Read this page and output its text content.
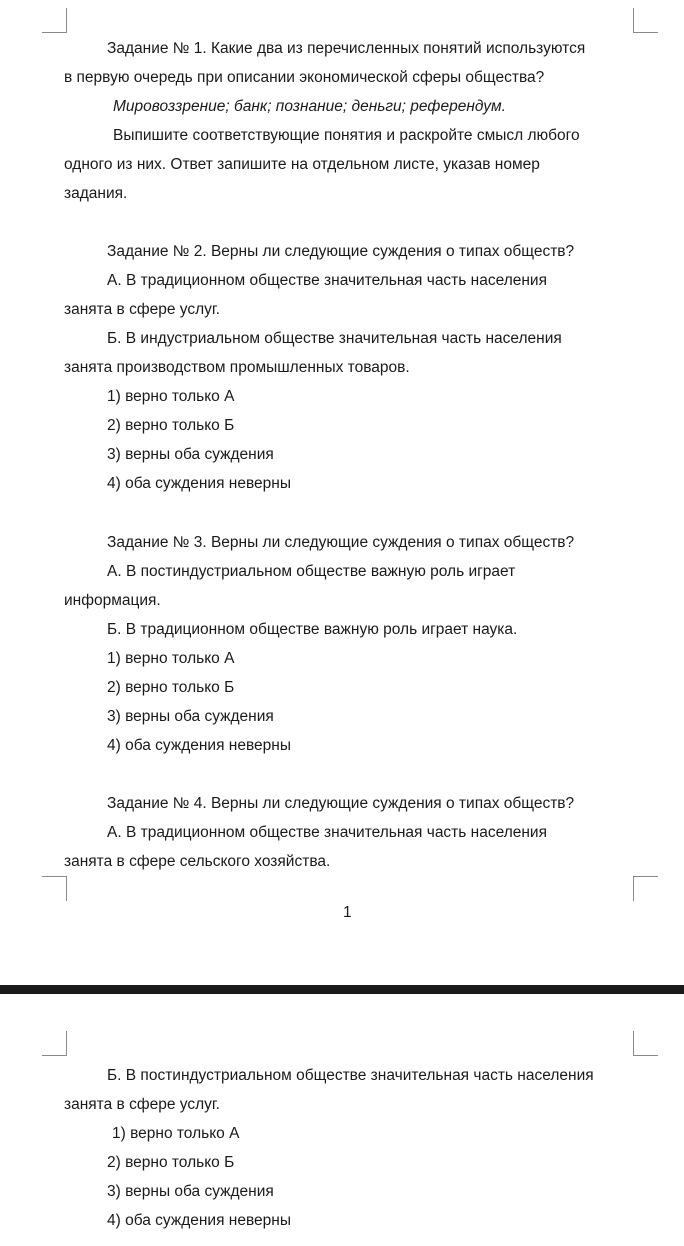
Задание № 1. Какие два из перечисленных понятий используются
в первую очередь при описании экономической сферы общества?
Мировоззрение; банк; познание; деньги; референдум.
Выпишите соответствующие понятия и раскройте смысл любого
одного из них. Ответ запишите на отдельном листе, указав номер
задания.
Задание № 2. Верны ли следующие суждения о типах обществ?
А. В традиционном обществе значительная часть населения
занята в сфере услуг.
Б. В индустриальном обществе значительная часть населения
занята производством промышленных товаров.
1) верно только А
2) верно только Б
3) верны оба суждения
4) оба суждения неверны
Задание № 3. Верны ли следующие суждения о типах обществ?
А. В постиндустриальном обществе важную роль играет
информация.
Б. В традиционном обществе важную роль играет наука.
1) верно только А
2) верно только Б
3) верны оба суждения
4) оба суждения неверны
Задание № 4. Верны ли следующие суждения о типах обществ?
А. В традиционном обществе значительная часть населения
занята в сфере сельского хозяйства.
1
Б. В постиндустриальном обществе значительная часть населения
занята в сфере услуг.
1) верно только А
2) верно только Б
3) верны оба суждения
4) оба суждения неверны
